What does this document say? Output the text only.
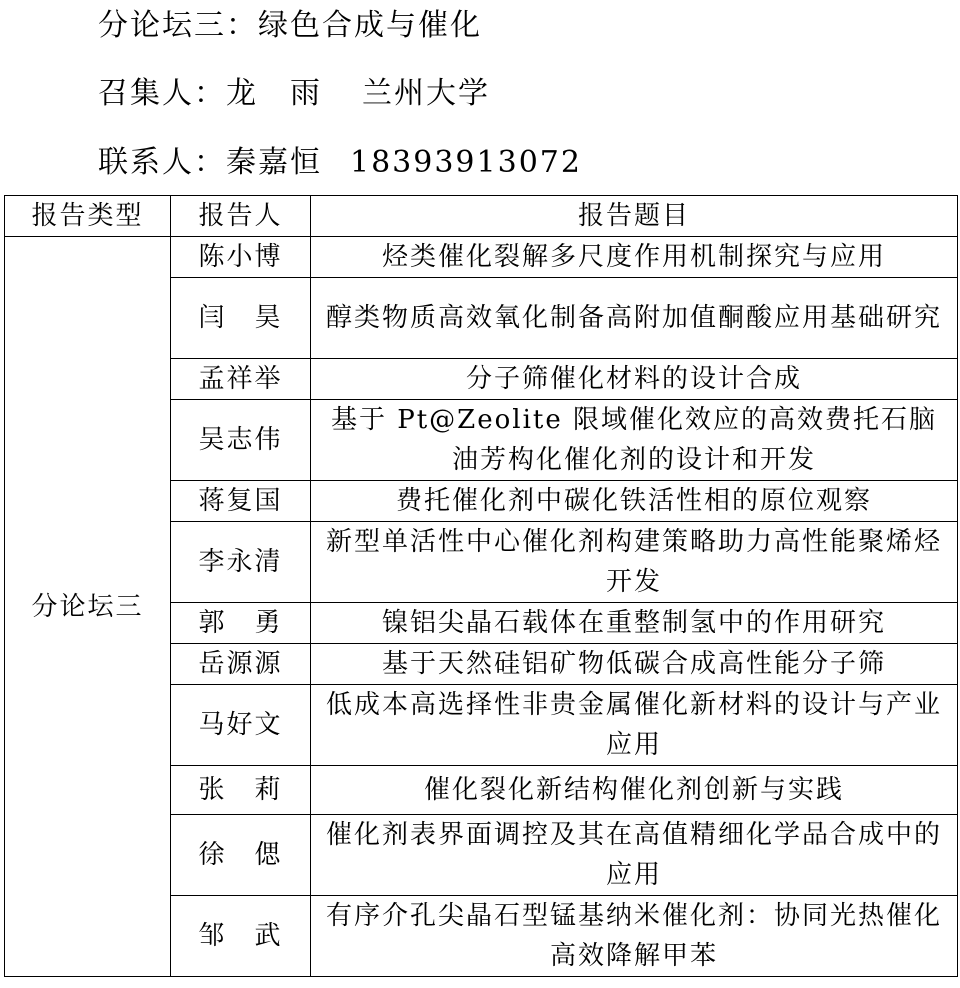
分论坛三：绿色合成与催化
召集人：龙　雨 兰州大学
联系人：秦嘉恒 18393913072
报告类型	报告人	报告题目
分论坛三	陈小博	烃类催化裂解多尺度作用机制探究与应用
	闫　昊	醇类物质高效氧化制备高附加值酮酸应用基础研究
	孟祥举	分子筛催化材料的设计合成
	吴志伟	基于 Pt@Zeolite 限域催化效应的高效费托石脑油芳构化催化剂的设计和开发
	蒋复国	费托催化剂中碳化铁活性相的原位观察
	李永清	新型单活性中心催化剂构建策略助力高性能聚烯烃开发
	郭　勇	镍铝尖晶石载体在重整制氢中的作用研究
	岳源源	基于天然硅铝矿物低碳合成高性能分子筛
	马好文	低成本高选择性非贵金属催化新材料的设计与产业应用
	张　莉	催化裂化新结构催化剂创新与实践
	徐　偲	催化剂表界面调控及其在高值精细化学品合成中的应用
	邹　武	有序介孔尖晶石型锰基纳米催化剂：协同光热催化高效降解甲苯
